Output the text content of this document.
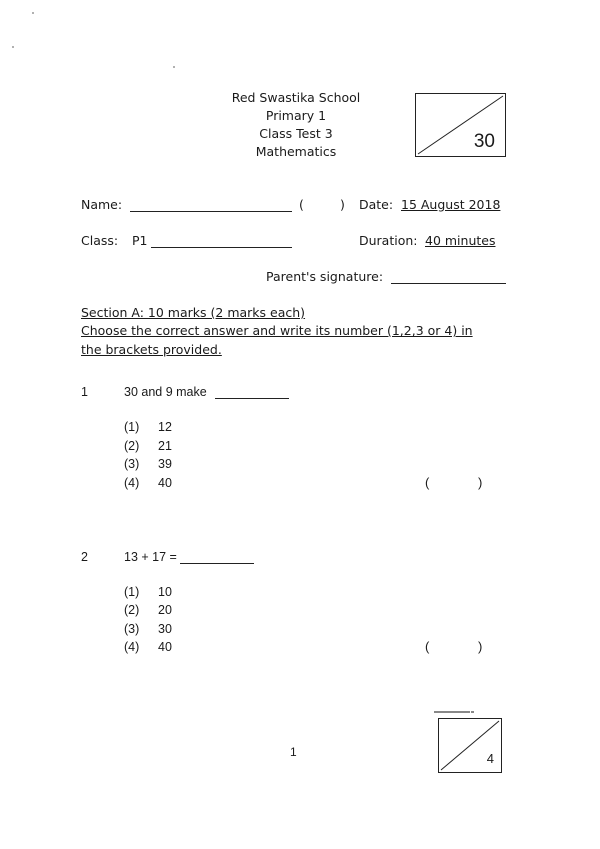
Red Swastika School
Primary 1
Class Test 3
Mathematics	30
Name:	(	) Date: 15 August 2018
Class: P1	Duration: 40 minutes
Parent's signature:
Section A: 10 marks (2 marks each)
Choose the correct answer and write its number (1,2,3 or 4) in
the brackets provided.
1	30 and 9 make
(1) 12
(2) 21
(3) 39
(4) 40	(	)
2	13 + 17 =
(1) 10
(2) 20
(3) 30
(4) 40	(	)
1	4
